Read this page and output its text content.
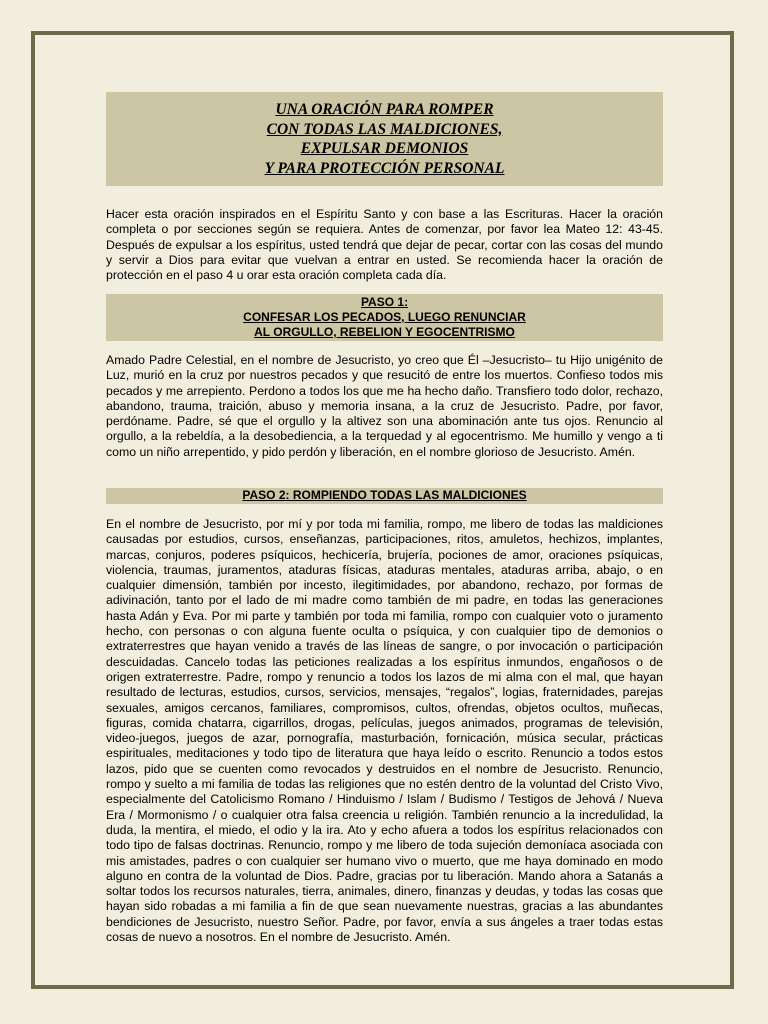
UNA ORACIÓN PARA ROMPER
CON TODAS LAS MALDICIONES,
EXPULSAR DEMONIOS
Y PARA PROTECCIÓN PERSONAL

Hacer esta oración inspirados en el Espíritu Santo y con base a las Escrituras. Hacer la oración completa o por secciones según se requiera. Antes de comenzar, por favor lea Mateo 12: 43-45. Después de expulsar a los espíritus, usted tendrá que dejar de pecar, cortar con las cosas del mundo y servir a Dios para evitar que vuelvan a entrar en usted. Se recomienda hacer la oración de protección en el paso 4 u orar esta oración completa cada día.

PASO 1:
CONFESAR LOS PECADOS, LUEGO RENUNCIAR
AL ORGULLO, REBELION Y EGOCENTRISMO

Amado Padre Celestial, en el nombre de Jesucristo, yo creo que Él –Jesucristo– tu Hijo unigénito de Luz, murió en la cruz por nuestros pecados y que resucitó de entre los muertos. Confieso todos mis pecados y me arrepiento. Perdono a todos los que me ha hecho daño. Transfiero todo dolor, rechazo, abandono, trauma, traición, abuso y memoria insana, a la cruz de Jesucristo. Padre, por favor, perdóname. Padre, sé que el orgullo y la altivez son una abominación ante tus ojos. Renuncio al orgullo, a la rebeldía, a la desobediencia, a la terquedad y al egocentrismo. Me humillo y vengo a ti como un niño arrepentido, y pido perdón y liberación, en el nombre glorioso de Jesucristo. Amén.

PASO 2: ROMPIENDO TODAS LAS MALDICIONES

En el nombre de Jesucristo, por mí y por toda mi familia, rompo, me libero de todas las maldiciones causadas por estudios, cursos, enseñanzas, participaciones, ritos, amuletos, hechizos, implantes, marcas, conjuros, poderes psíquicos, hechicería, brujería, pociones de amor, oraciones psíquicas, violencia, traumas, juramentos, ataduras físicas, ataduras mentales, ataduras arriba, abajo, o en cualquier dimensión, también por incesto, ilegitimidades, por abandono, rechazo, por formas de adivinación, tanto por el lado de mi madre como también de mi padre, en todas las generaciones hasta Adán y Eva. Por mi parte y también por toda mi familia, rompo con cualquier voto o juramento hecho, con personas o con alguna fuente oculta o psíquica, y con cualquier tipo de demonios o extraterrestres que hayan venido a través de las líneas de sangre, o por invocación o participación descuidadas. Cancelo todas las peticiones realizadas a los espíritus inmundos, engañosos o de origen extraterrestre. Padre, rompo y renuncio a todos los lazos de mi alma con el mal, que hayan resultado de lecturas, estudios, cursos, servicios, mensajes, “regalos”, logias, fraternidades, parejas sexuales, amigos cercanos, familiares, compromisos, cultos, ofrendas, objetos ocultos, muñecas, figuras, comida chatarra, cigarrillos, drogas, películas, juegos animados, programas de televisión, video-juegos, juegos de azar, pornografía, masturbación, fornicación, música secular, prácticas espirituales, meditaciones y todo tipo de literatura que haya leído o escrito. Renuncio a todos estos lazos, pido que se cuenten como revocados y destruidos en el nombre de Jesucristo. Renuncio, rompo y suelto a mi familia de todas las religiones que no estén dentro de la voluntad del Cristo Vivo, especialmente del Catolicismo Romano / Hinduismo / Islam / Budismo / Testigos de Jehová / Nueva Era / Mormonismo / o cualquier otra falsa creencia u religión. También renuncio a la incredulidad, la duda, la mentira, el miedo, el odio y la ira. Ato y echo afuera a todos los espíritus relacionados con todo tipo de falsas doctrinas. Renuncio, rompo y me libero de toda sujeción demoníaca asociada con mis amistades, padres o con cualquier ser humano vivo o muerto, que me haya dominado en modo alguno en contra de la voluntad de Dios. Padre, gracias por tu liberación. Mando ahora a Satanás a soltar todos los recursos naturales, tierra, animales, dinero, finanzas y deudas, y todas las cosas que hayan sido robadas a mi familia a fin de que sean nuevamente nuestras, gracias a las abundantes bendiciones de Jesucristo, nuestro Señor. Padre, por favor, envía a sus ángeles a traer todas estas cosas de nuevo a nosotros. En el nombre de Jesucristo. Amén.
